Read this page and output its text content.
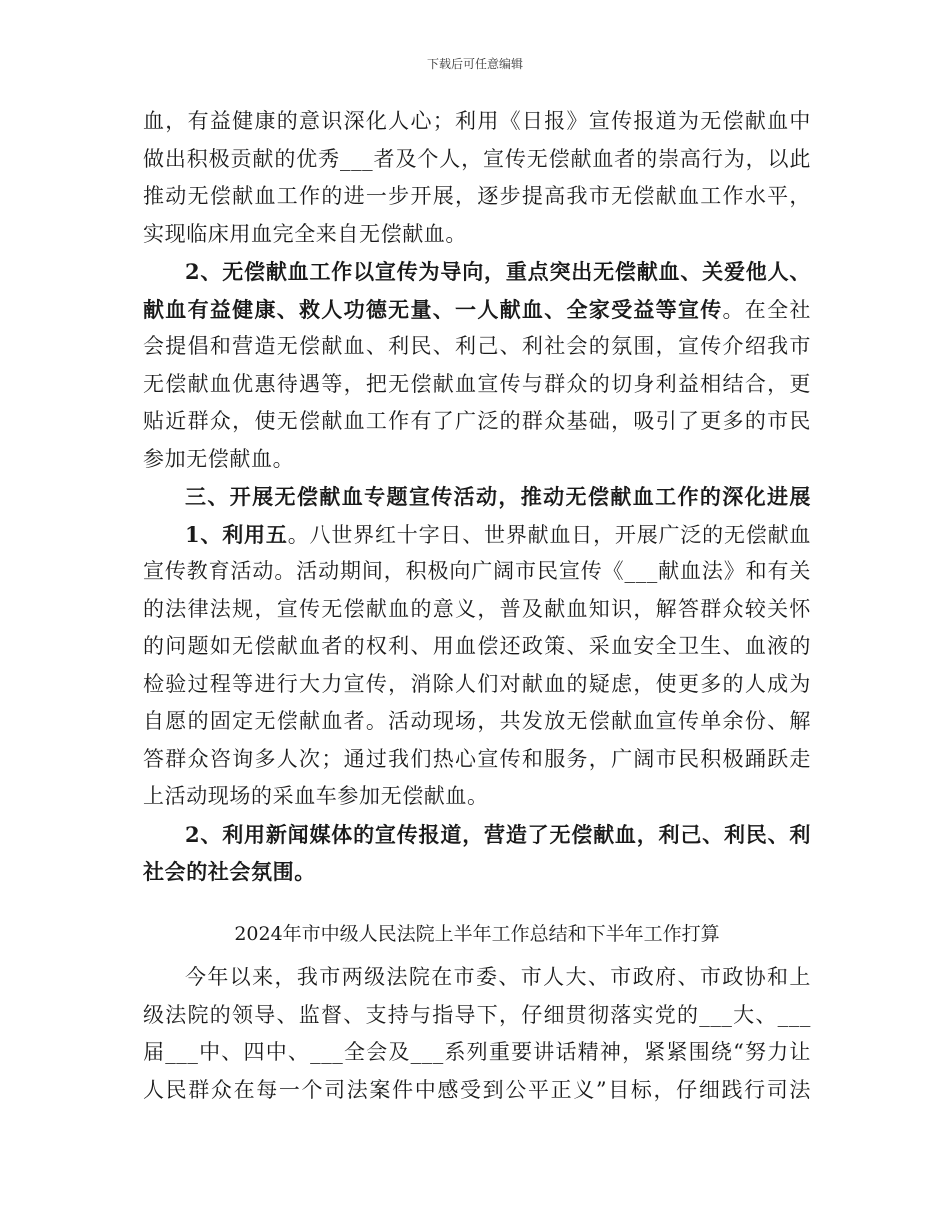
下载后可任意编辑
血，有益健康的意识深化人心；利用《日报》宣传报道为无偿献血中
做出积极贡献的优秀___者及个人，宣传无偿献血者的崇高行为，以此
推动无偿献血工作的进一步开展，逐步提高我市无偿献血工作水平，
实现临床用血完全来自无偿献血。
2、无偿献血工作以宣传为导向，重点突出无偿献血、关爱他人、
献血有益健康、救人功德无量、一人献血、全家受益等宣传。在全社
会提倡和营造无偿献血、利民、利己、利社会的氛围，宣传介绍我市
无偿献血优惠待遇等，把无偿献血宣传与群众的切身利益相结合，更
贴近群众，使无偿献血工作有了广泛的群众基础，吸引了更多的市民
参加无偿献血。
三、开展无偿献血专题宣传活动，推动无偿献血工作的深化进展
1、利用五。八世界红十字日、世界献血日，开展广泛的无偿献血
宣传教育活动。活动期间，积极向广阔市民宣传《___献血法》和有关
的法律法规，宣传无偿献血的意义，普及献血知识，解答群众较关怀
的问题如无偿献血者的权利、用血偿还政策、采血安全卫生、血液的
检验过程等进行大力宣传，消除人们对献血的疑虑，使更多的人成为
自愿的固定无偿献血者。活动现场，共发放无偿献血宣传单余份、解
答群众咨询多人次；通过我们热心宣传和服务，广阔市民积极踊跃走
上活动现场的采血车参加无偿献血。
2、利用新闻媒体的宣传报道，营造了无偿献血，利己、利民、利
社会的社会氛围。
2024年市中级人民法院上半年工作总结和下半年工作打算
今年以来，我市两级法院在市委、市人大、市政府、市政协和上
级法院的领导、监督、支持与指导下，仔细贯彻落实党的___大、___
届___中、四中、___全会及___系列重要讲话精神，紧紧围绕“努力让
人民群众在每一个司法案件中感受到公平正义”目标，仔细践行司法
